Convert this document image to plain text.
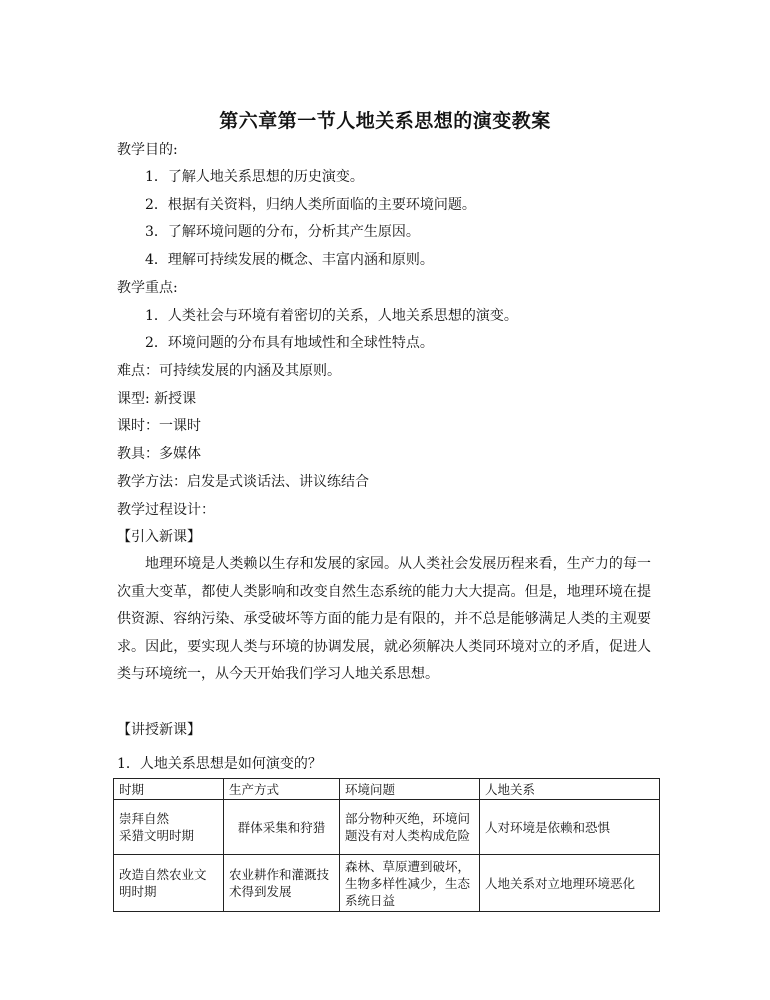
第六章第一节人地关系思想的演变教案
教学目的:
1．了解人地关系思想的历史演变。
2．根据有关资料，归纳人类所面临的主要环境问题。
3．了解环境问题的分布，分析其产生原因。
4．理解可持续发展的概念、丰富内涵和原则。
教学重点:
1．人类社会与环境有着密切的关系，人地关系思想的演变。
2．环境问题的分布具有地域性和全球性特点。
难点：可持续发展的内涵及其原则。
课型: 新授课
课时：一课时
教具：多媒体
教学方法：启发是式谈话法、讲议练结合
教学过程设计：
【引入新课】
地理环境是人类赖以生存和发展的家园。从人类社会发展历程来看，生产力的每一次重大变革，都使人类影响和改变自然生态系统的能力大大提高。但是，地理环境在提供资源、容纳污染、承受破坏等方面的能力是有限的，并不总是能够满足人类的主观要求。因此，要实现人类与环境的协调发展，就必须解决人类同环境对立的矛盾，促进人类与环境统一，从今天开始我们学习人地关系思想。
【讲授新课】
1．人地关系思想是如何演变的？
时期	生产方式	环境问题	人地关系
崇拜自然
采猎文明时期	群体采集和狩猎	部分物种灭绝，环境问题没有对人类构成危险	人对环境是依赖和恐惧
改造自然农业文明时期	农业耕作和灌溉技术得到发展	森林、草原遭到破坏，生物多样性减少，生态系统日益	人地关系对立地理环境恶化
